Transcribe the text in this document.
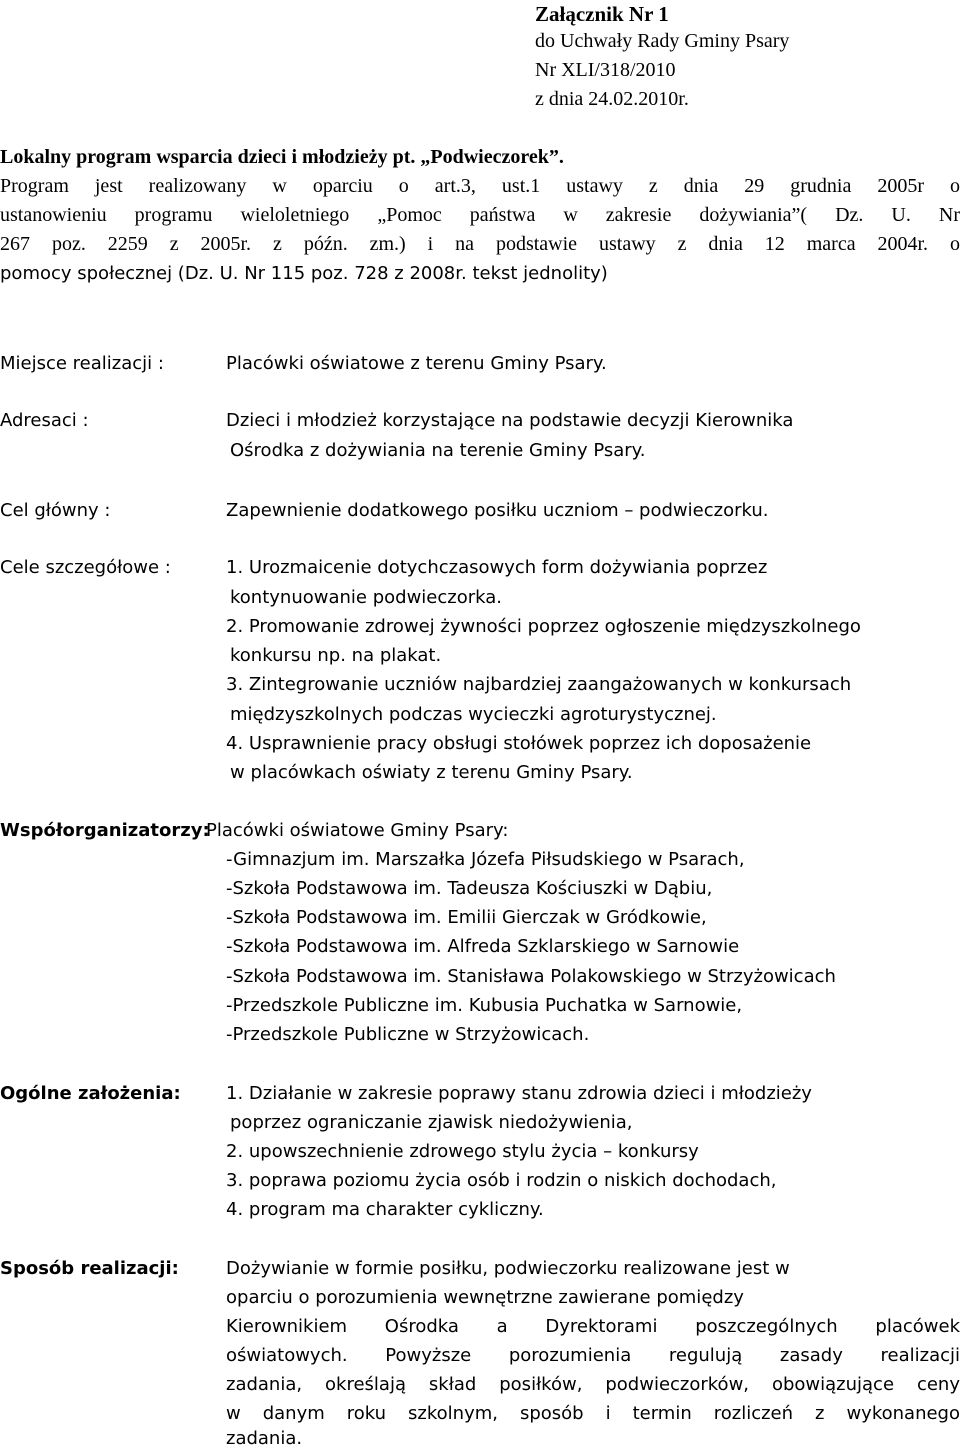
Załącznik Nr 1
do Uchwały Rady Gminy Psary
Nr XLI/318/2010
z dnia 24.02.2010r.
Lokalny program wsparcia dzieci i młodzieży pt. „Podwieczorek”.
Program jest realizowany w oparciu o art.3, ust.1 ustawy z dnia 29 grudnia 2005r o
ustanowieniu programu wieloletniego „Pomoc państwa w zakresie dożywiania”( Dz. U. Nr
267 poz. 2259 z 2005r. z późn. zm.) i na podstawie ustawy z dnia 12 marca 2004r. o
pomocy społecznej (Dz. U. Nr 115 poz. 728 z 2008r. tekst jednolity)
Miejsce realizacji :	Placówki oświatowe z terenu Gminy Psary.
Adresaci :	Dzieci i młodzież korzystające na podstawie decyzji Kierownika
Ośrodka z dożywiania na terenie Gminy Psary.
Cel główny :	Zapewnienie dodatkowego posiłku uczniom – podwieczorku.
Cele szczegółowe :	1. Urozmaicenie dotychczasowych form dożywiania poprzez
kontynuowanie podwieczorka.
2. Promowanie zdrowej żywności poprzez ogłoszenie międzyszkolnego
konkursu np. na plakat.
3. Zintegrowanie uczniów najbardziej zaangażowanych w konkursach
międzyszkolnych podczas wycieczki agroturystycznej.
4. Usprawnienie pracy obsługi stołówek poprzez ich doposażenie
w placówkach oświaty z terenu Gminy Psary.
Współorganizatorzy:
Placówki oświatowe Gminy Psary:
-Gimnazjum im. Marszałka Józefa Piłsudskiego w Psarach,
-Szkoła Podstawowa im. Tadeusza Kościuszki w Dąbiu,
-Szkoła Podstawowa im. Emilii Gierczak w Gródkowie,
-Szkoła Podstawowa im. Alfreda Szklarskiego w Sarnowie
-Szkoła Podstawowa im. Stanisława Polakowskiego w Strzyżowicach
-Przedszkole Publiczne im. Kubusia Puchatka w Sarnowie,
-Przedszkole Publiczne w Strzyżowicach.
Ogólne założenia:	1. Działanie w zakresie poprawy stanu zdrowia dzieci i młodzieży
poprzez ograniczanie zjawisk niedożywienia,
2. upowszechnienie zdrowego stylu życia – konkursy
3. poprawa poziomu życia osób i rodzin o niskich dochodach,
4. program ma charakter cykliczny.
Sposób realizacji:	Dożywianie w formie posiłku, podwieczorku realizowane jest w
oparciu o porozumienia wewnętrzne zawierane pomiędzy
Kierownikiem Ośrodka a Dyrektorami poszczególnych placówek
oświatowych. Powyższe porozumienia regulują zasady realizacji
zadania, określają skład posiłków, podwieczorków, obowiązujące ceny
w danym roku szkolnym, sposób i termin rozliczeń z wykonanego
zadania.
